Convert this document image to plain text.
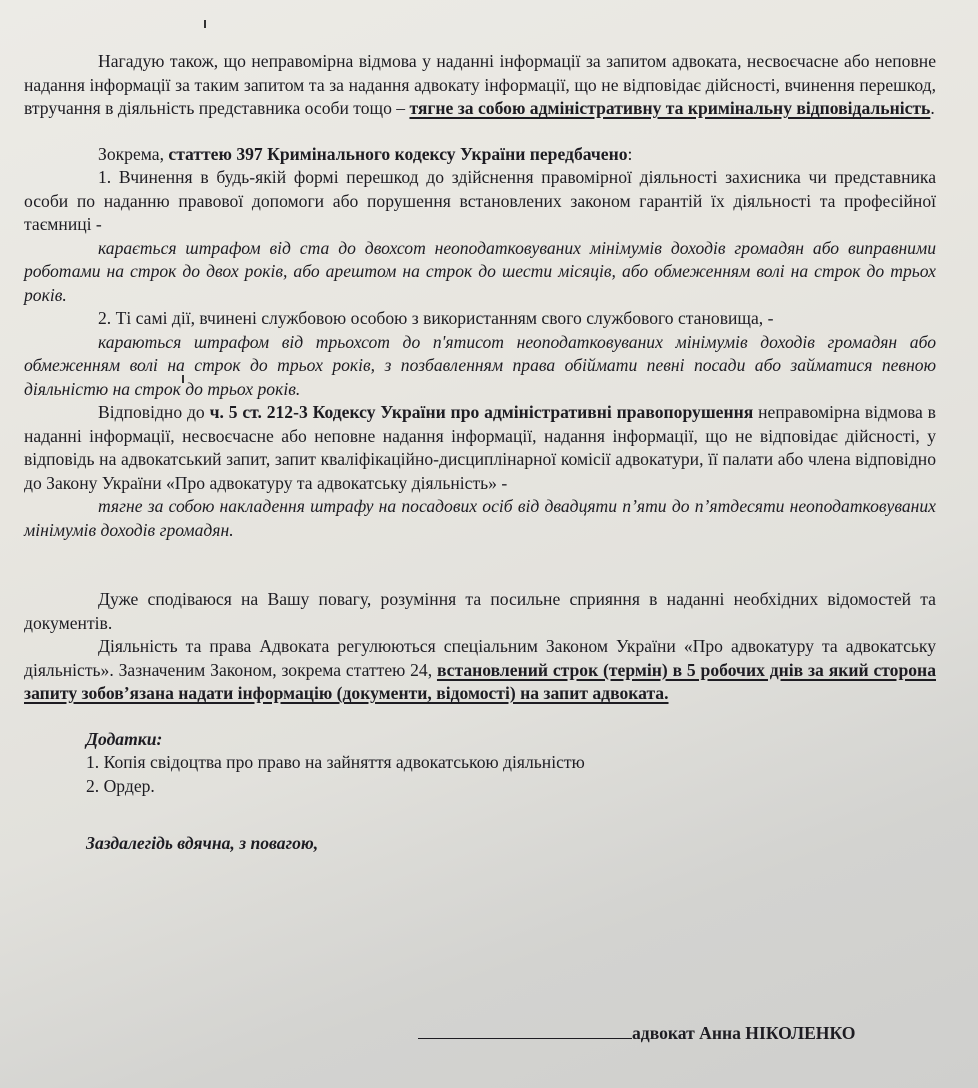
Нагадую також, що неправомірна відмова у наданні інформації за запитом адвоката, несвоєчасне або неповне надання інформації за таким запитом та за надання адвокату інформації, що не відповідає дійсності, вчинення перешкод, втручання в діяльність представника особи тощо – тягне за собою адміністративну та кримінальну відповідальність.

Зокрема, статтею 397 Кримінального кодексу України передбачено:

1. Вчинення в будь-якій формі перешкод до здійснення правомірної діяльності захисника чи представника особи по наданню правової допомоги або порушення встановлених законом гарантій їх діяльності та професійної таємниці -

карається штрафом від ста до двохсот неоподатковуваних мінімумів доходів громадян або виправними роботами на строк до двох років, або арештом на строк до шести місяців, або обмеженням волі на строк до трьох років.

2. Ті самі дії, вчинені службовою особою з використанням свого службового становища, -

караються штрафом від трьохсот до п'ятисот неоподатковуваних мінімумів доходів громадян або обмеженням волі на строк до трьох років, з позбавленням права обіймати певні посади або займатися певною діяльністю на строк до трьох років.

Відповідно до ч. 5 ст. 212-3 Кодексу України про адміністративні правопорушення неправомірна відмова в наданні інформації, несвоєчасне або неповне надання інформації, надання інформації, що не відповідає дійсності, у відповідь на адвокатський запит, запит кваліфікаційно-дисциплінарної комісії адвокатури, її палати або члена відповідно до Закону України «Про адвокатуру та адвокатську діяльність» -

тягне за собою накладення штрафу на посадових осіб від двадцяти п’яти до п’ятдесяти неоподатковуваних мінімумів доходів громадян.

Дуже сподіваюся на Вашу повагу, розуміння та посильне сприяння в наданні необхідних відомостей та документів.

Діяльність та права Адвоката регулюються спеціальним Законом України «Про адвокатуру та адвокатську діяльність». Зазначеним Законом, зокрема статтею 24, встановлений строк (термін) в 5 робочих днів за який сторона запиту зобов’язана надати інформацію (документи, відомості) на запит адвоката.

Додатки:
1. Копія свідоцтва про право на зайняття адвокатською діяльністю
2. Ордер.
Заздалегідь вдячна, з повагою,
адвокат Анна НІКОЛЕНКО
